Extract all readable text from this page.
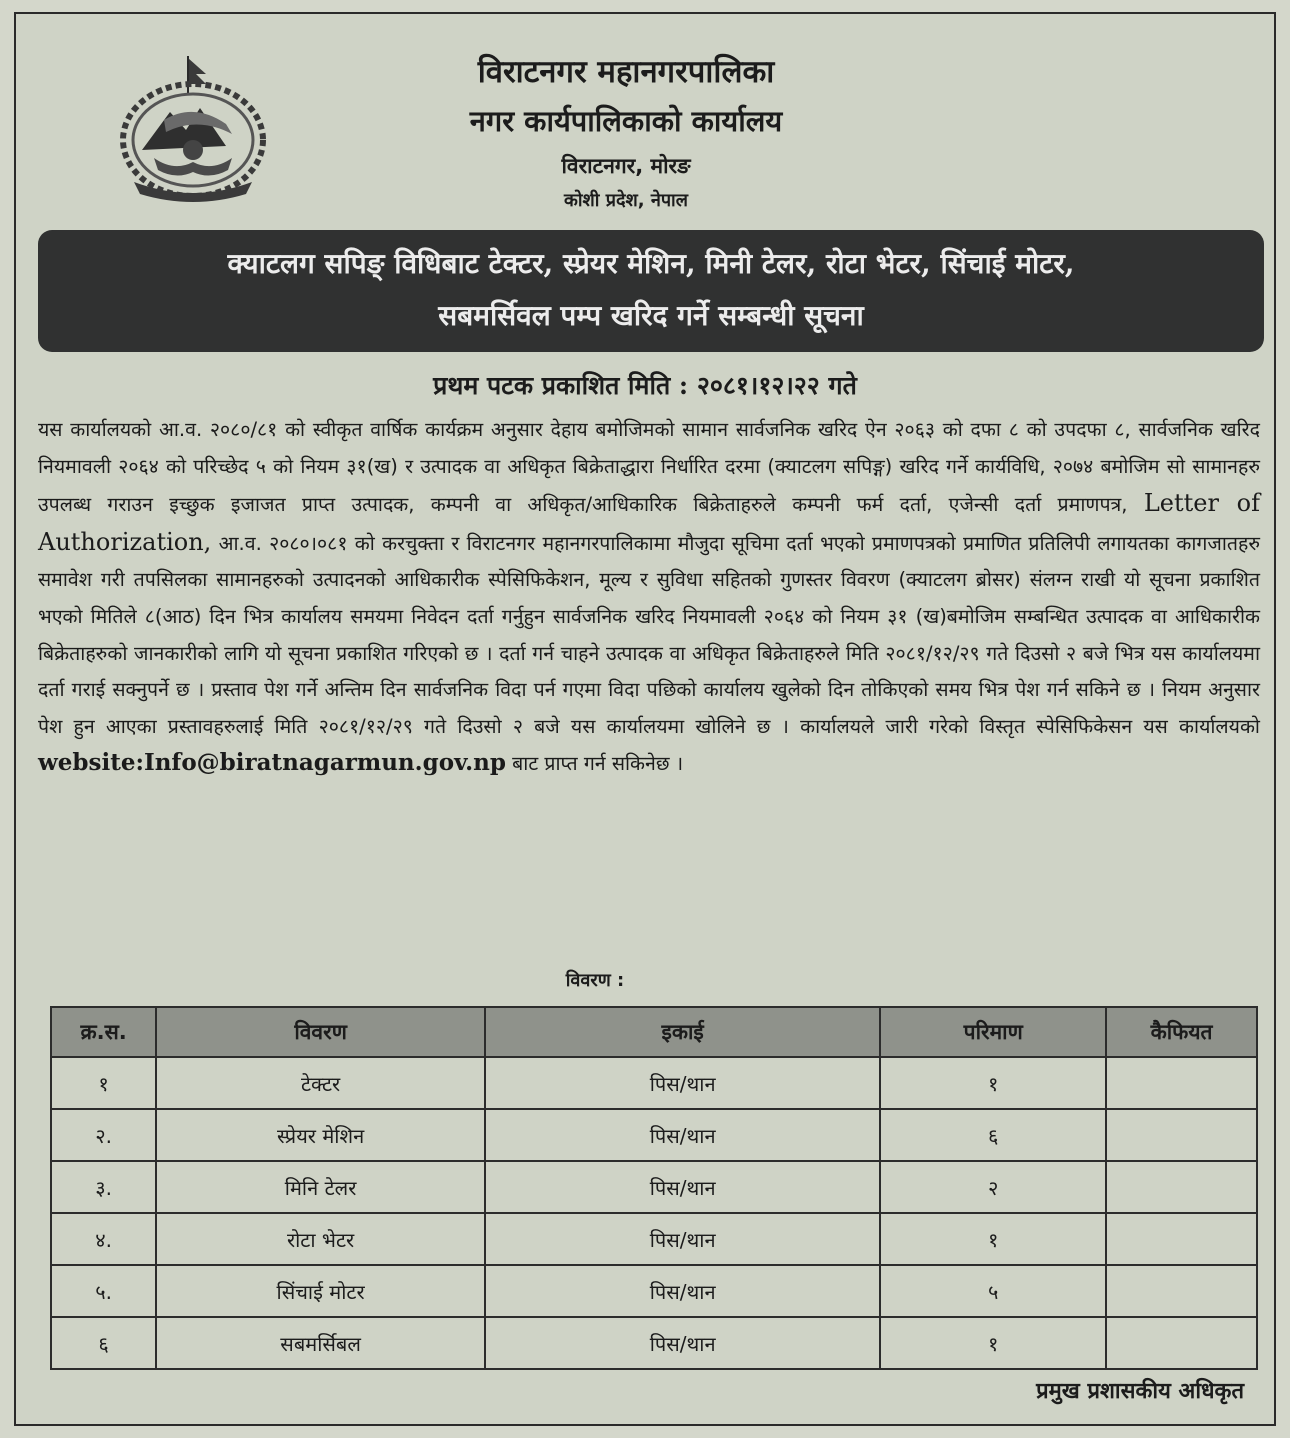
विराटनगर महानगरपालिका
नगर कार्यपालिकाको कार्यालय
विराटनगर, मोरङ
कोशी प्रदेश, नेपाल
क्याटलग सपिङ् विधिबाट टेक्टर, स्प्रेयर मेशिन, मिनी टेलर, रोटा भेटर, सिंचाई मोटर,
सबमर्सिवल पम्प खरिद गर्ने सम्बन्धी सूचना
प्रथम पटक प्रकाशित मिति : २०८१।१२।२२ गते
यस कार्यालयको आ.व. २०८०/८१ को स्वीकृत वार्षिक कार्यक्रम अनुसार देहाय बमोजिमको सामान सार्वजनिक खरिद ऐन २०६३ को दफा ८ को उपदफा ८, सार्वजनिक खरिद नियमावली २०६४ को परिच्छेद ५ को नियम ३१(ख) र उत्पादक वा अधिकृत बिक्रेताद्धारा निर्धारित दरमा (क्याटलग सपिङ्ग) खरिद गर्ने कार्यविधि, २०७४ बमोजिम सो सामानहरु उपलब्ध गराउन इच्छुक इजाजत प्राप्त उत्पादक, कम्पनी वा अधिकृत/आधिकारिक बिक्रेताहरुले कम्पनी फर्म दर्ता, एजेन्सी दर्ता प्रमाणपत्र, Letter of Authorization, आ.व. २०८०।०८१ को करचुक्ता र विराटनगर महानगरपालिकामा मौजुदा सूचिमा दर्ता भएको प्रमाणपत्रको प्रमाणित प्रतिलिपी लगायतका कागजातहरु समावेश गरी तपसिलका सामानहरुको उत्पादनको आधिकारीक स्पेसिफिकेशन, मूल्य र सुविधा सहितको गुणस्तर विवरण (क्याटलग ब्रोसर) संलग्न राखी यो सूचना प्रकाशित भएको मितिले ८(आठ) दिन भित्र कार्यालय समयमा निवेदन दर्ता गर्नुहुन सार्वजनिक खरिद नियमावली २०६४ को नियम ३१ (ख)बमोजिम सम्बन्धित उत्पादक वा आधिकारीक बिक्रेताहरुको जानकारीको लागि यो सूचना प्रकाशित गरिएको छ । दर्ता गर्न चाहने उत्पादक वा अधिकृत बिक्रेताहरुले मिति २०८१/१२/२९ गते दिउसो २ बजे भित्र यस कार्यालयमा दर्ता गराई सक्नुपर्ने छ । प्रस्ताव पेश गर्ने अन्तिम दिन सार्वजनिक विदा पर्न गएमा विदा पछिको कार्यालय खुलेको दिन तोकिएको समय भित्र पेश गर्न सकिने छ । नियम अनुसार पेश हुन आएका प्रस्तावहरुलाई मिति २०८१/१२/२९ गते दिउसो २ बजे यस कार्यालयमा खोलिने छ । कार्यालयले जारी गरेको विस्तृत स्पेसिफिकेसन यस कार्यालयको website:Info@biratnagarmun.gov.np बाट प्राप्त गर्न सकिनेछ ।
विवरण :
क्र.स.	विवरण	इकाई	परिमाण	कैफियत
१	टेक्टर	पिस/थान	१	
२.	स्प्रेयर मेशिन	पिस/थान	६	
३.	मिनि टेलर	पिस/थान	२	
४.	रोटा भेटर	पिस/थान	१	
५.	सिंचाई मोटर	पिस/थान	५	
६	सबमर्सिबल	पिस/थान	१	
प्रमुख प्रशासकीय अधिकृत
